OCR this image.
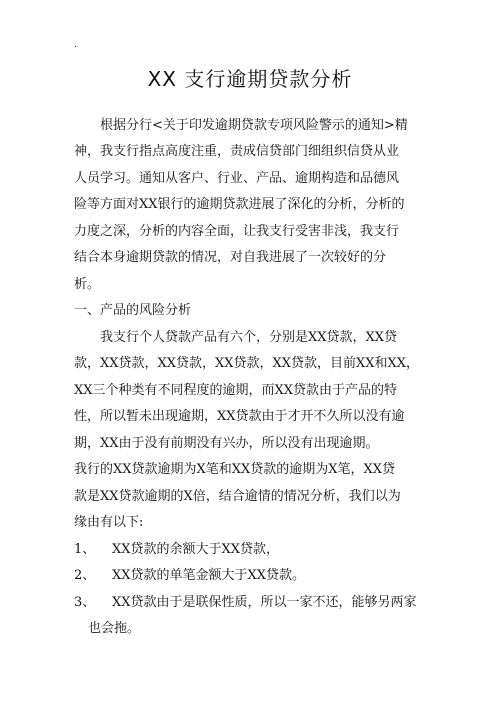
.
XX 支行逾期贷款分析
根据分行<关于印发逾期贷款专项风险警示的通知>精
神，我支行指点高度注重，责成信贷部门细组织信贷从业
人员学习。通知从客户、行业、产品、逾期构造和品德风
险等方面对XX银行的逾期贷款进展了深化的分析，分析的
力度之深，分析的内容全面，让我支行受害非浅，我支行
结合本身逾期贷款的情况，对自我进展了一次较好的分
析。
一、产品的风险分析
我支行个人贷款产品有六个，分别是XX贷款，XX贷
款，XX贷款，XX贷款，XX贷款，XX贷款，目前XX和XX，
XX三个种类有不同程度的逾期，而XX贷款由于产品的特
性，所以暂未出现逾期，XX贷款由于才开不久所以没有逾
期，XX由于没有前期没有兴办，所以没有出现逾期。
我行的XX贷款逾期为X笔和XX贷款的逾期为X笔，XX贷
款是XX贷款逾期的X倍，结合逾情的情况分析，我们以为
缘由有以下:
1、 XX贷款的余额大于XX贷款，
2、 XX贷款的单笔金额大于XX贷款。
3、 XX贷款由于是联保性质，所以一家不还，能够另两家
也会拖。
